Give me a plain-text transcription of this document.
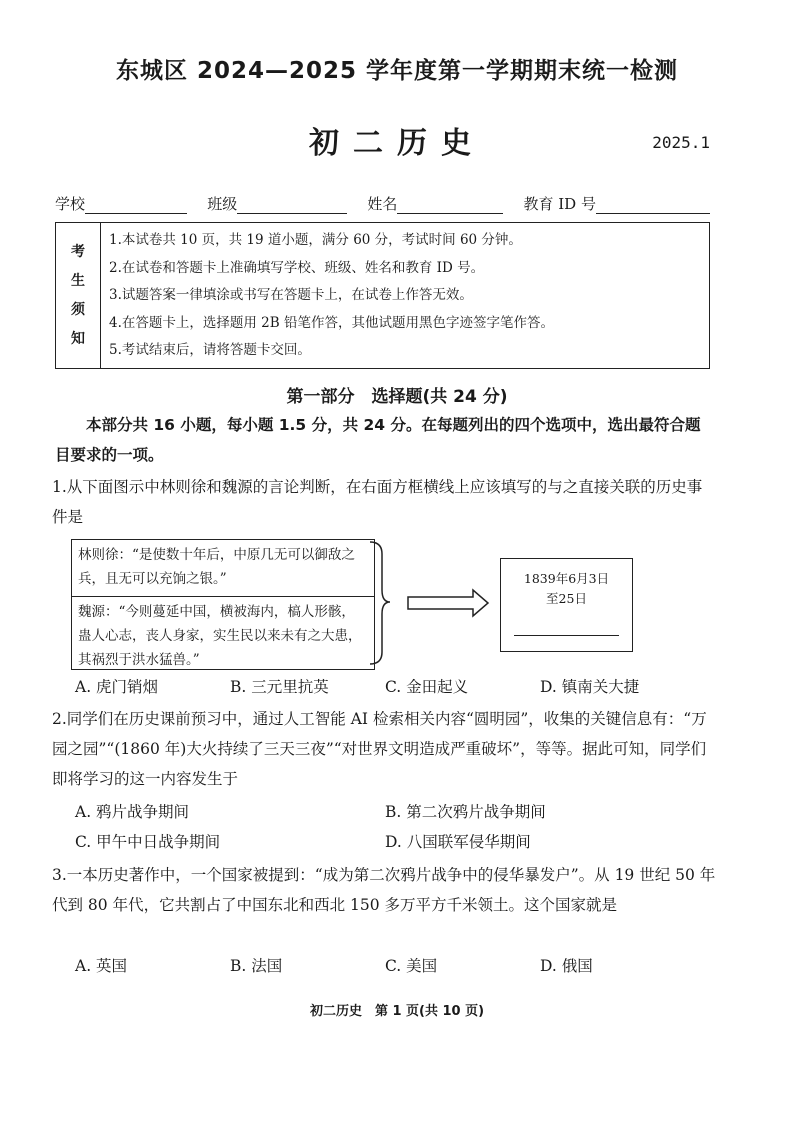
东城区 2024—2025 学年度第一学期期末统一检测
初二历史	2025.1
学校	班级	姓名	教育 ID 号
考
生
须
知
1.本试卷共 10 页，共 19 道小题，满分 60 分，考试时间 60 分钟。
2.在试卷和答题卡上准确填写学校、班级、姓名和教育 ID 号。
3.试题答案一律填涂或书写在答题卡上，在试卷上作答无效。
4.在答题卡上，选择题用 2B 铅笔作答，其他试题用黑色字迹签字笔作答。
5.考试结束后，请将答题卡交回。
第一部分　选择题(共 24 分)
本部分共 16 小题，每小题 1.5 分，共 24 分。在每题列出的四个选项中，选出最符合题目要求的一项。
1.从下面图示中林则徐和魏源的言论判断，在右面方框横线上应该填写的与之直接关联的历史事件是
林则徐：“是使数十年后，中原几无可以御敌之兵，且无可以充饷之银。”
魏源：“今则蔓延中国，横被海内，槁人形骸，蛊人心志，丧人身家，实生民以来未有之大患，其祸烈于洪水猛兽。”
1839年6月3日
至25日
A. 虎门销烟	B. 三元里抗英	C. 金田起义	D. 镇南关大捷
2.同学们在历史课前预习中，通过人工智能 AI 检索相关内容“圆明园”，收集的关键信息有：“万园之园”“(1860 年)大火持续了三天三夜”“对世界文明造成严重破坏”，等等。据此可知，同学们即将学习的这一内容发生于
A. 鸦片战争期间	B. 第二次鸦片战争期间
C. 甲午中日战争期间	D. 八国联军侵华期间
3.一本历史著作中，一个国家被提到：“成为第二次鸦片战争中的侵华暴发户”。从 19 世纪 50 年代到 80 年代，它共割占了中国东北和西北 150 多万平方千米领土。这个国家就是
A. 英国	B. 法国	C. 美国	D. 俄国
初二历史　第 1 页(共 10 页)
